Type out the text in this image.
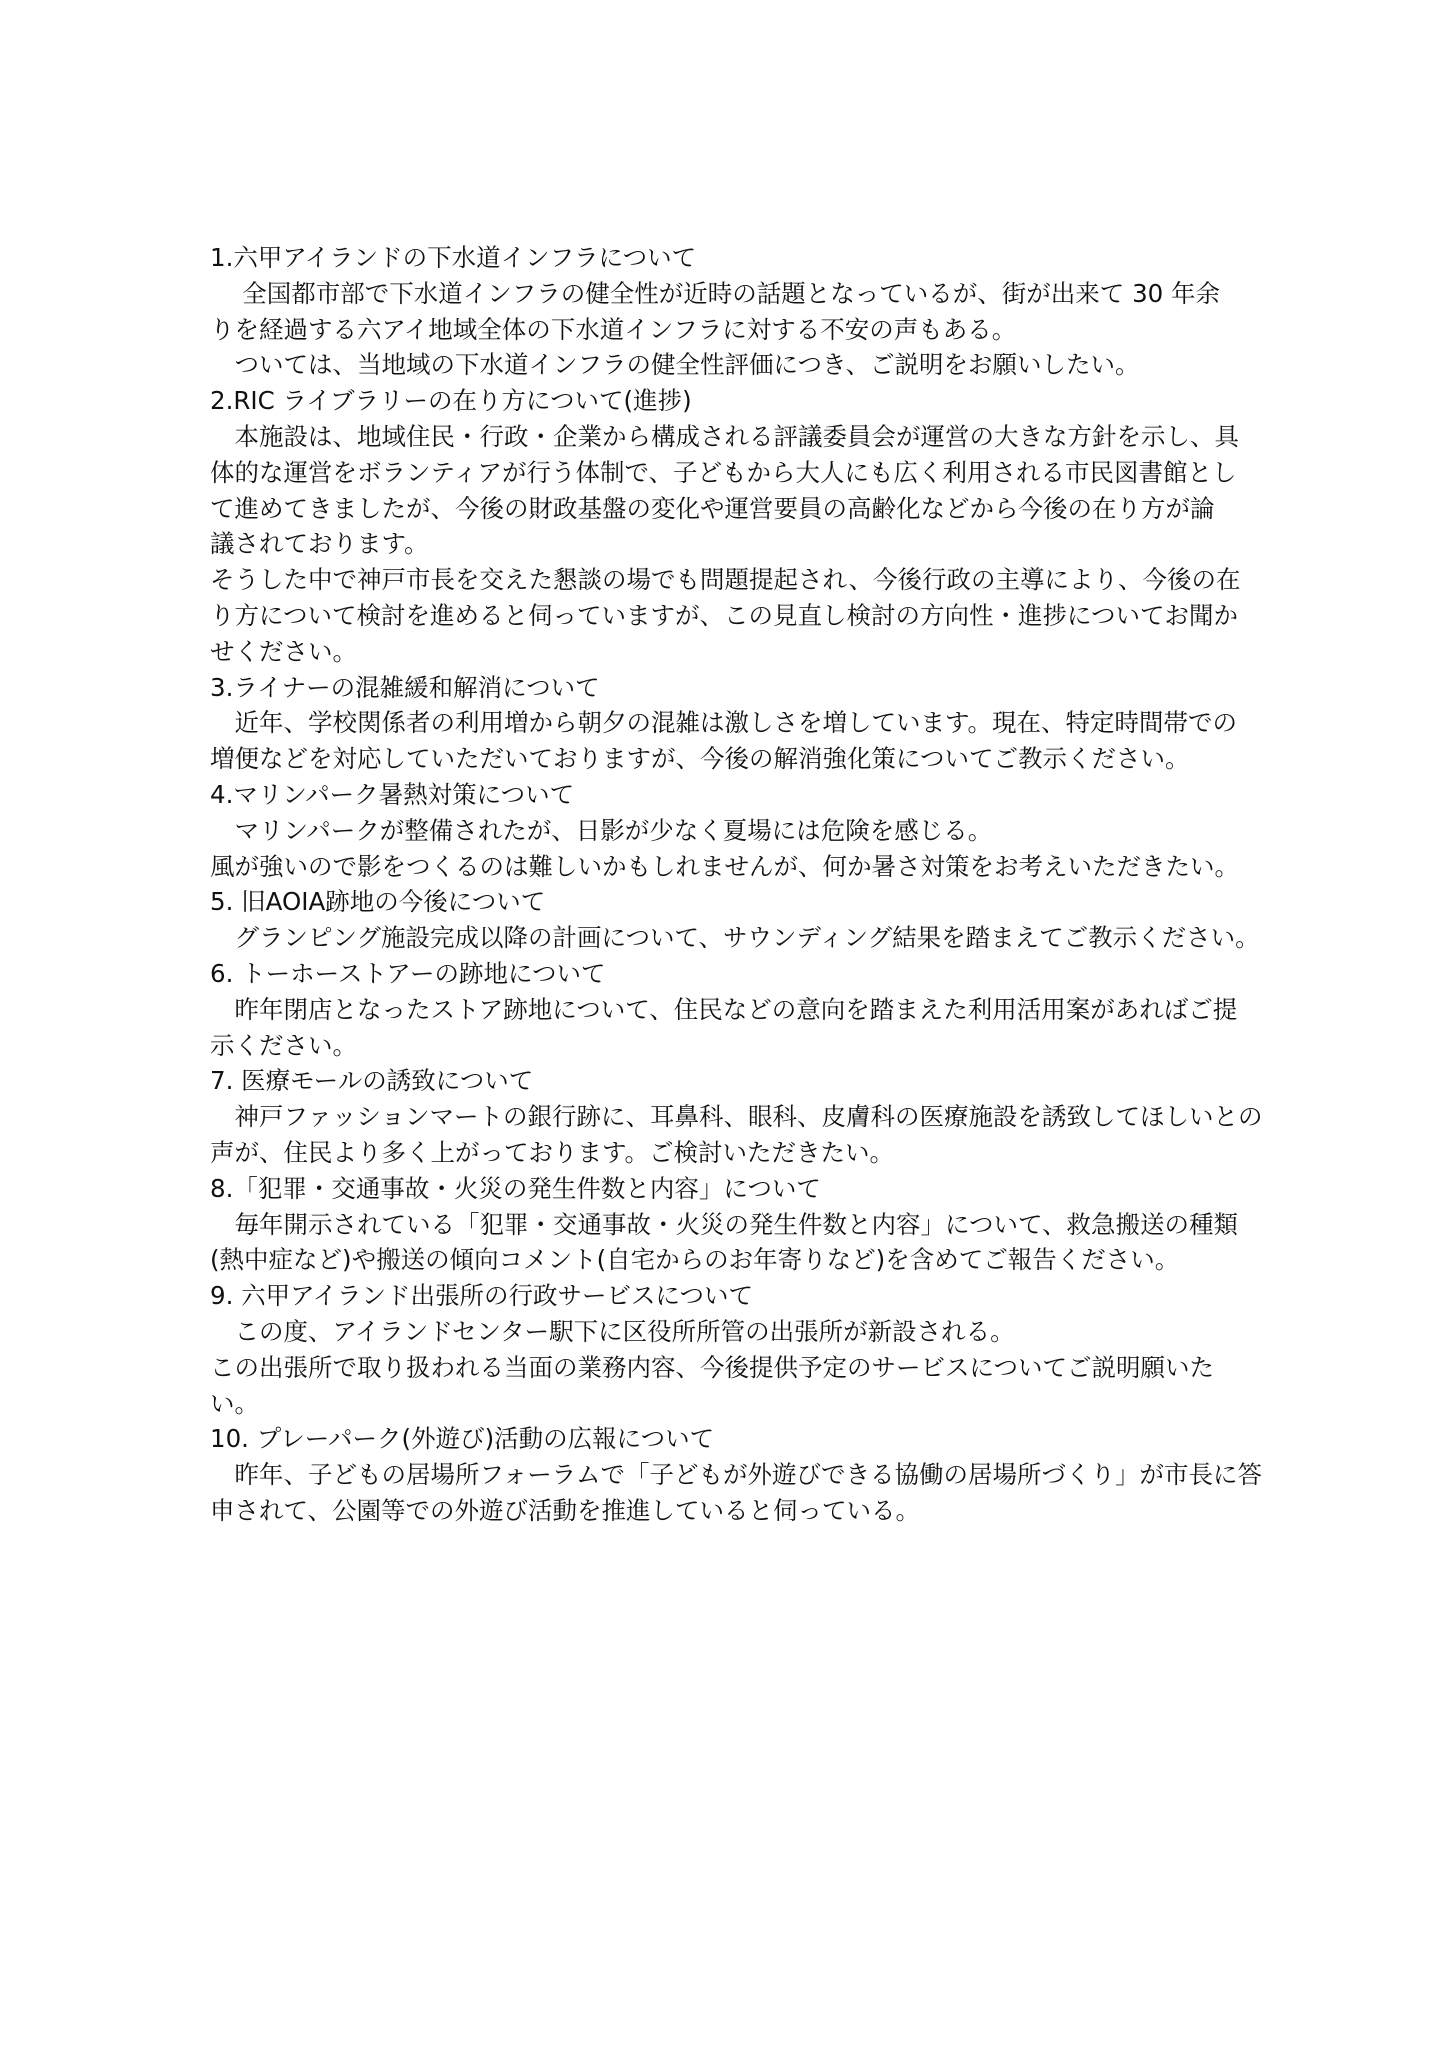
1.六甲アイランドの下水道インフラについて
　 全国都市部で下水道インフラの健全性が近時の話題となっているが、街が出来て 30 年余
りを経過する六アイ地域全体の下水道インフラに対する不安の声もある。
　ついては、当地域の下水道インフラの健全性評価につき、ご説明をお願いしたい。
2.RIC ライブラリーの在り方について(進捗)
　本施設は、地域住民・行政・企業から構成される評議委員会が運営の大きな方針を示し、具
体的な運営をボランティアが行う体制で、子どもから大人にも広く利用される市民図書館とし
て進めてきましたが、今後の財政基盤の変化や運営要員の高齢化などから今後の在り方が論
議されております。
そうした中で神戸市長を交えた懇談の場でも問題提起され、今後行政の主導により、今後の在
り方について検討を進めると伺っていますが、この見直し検討の方向性・進捗についてお聞か
せください。
3.ライナーの混雑緩和解消について
　近年、学校関係者の利用増から朝夕の混雑は激しさを増しています。現在、特定時間帯での
増便などを対応していただいておりますが、今後の解消強化策についてご教示ください。
4.マリンパーク暑熱対策について
　マリンパークが整備されたが、日影が少なく夏場には危険を感じる。
風が強いので影をつくるのは難しいかもしれませんが、何か暑さ対策をお考えいただきたい。
5. 旧AOIA跡地の今後について
　グランピング施設完成以降の計画について、サウンディング結果を踏まえてご教示ください。
6. トーホーストアーの跡地について
　昨年閉店となったストア跡地について、住民などの意向を踏まえた利用活用案があればご提
示ください。
7. 医療モールの誘致について
　神戸ファッションマートの銀行跡に、耳鼻科、眼科、皮膚科の医療施設を誘致してほしいとの
声が、住民より多く上がっております。ご検討いただきたい。
8.「犯罪・交通事故・火災の発生件数と内容」について
　毎年開示されている「犯罪・交通事故・火災の発生件数と内容」について、救急搬送の種類
(熱中症など)や搬送の傾向コメント(自宅からのお年寄りなど)を含めてご報告ください。
9. 六甲アイランド出張所の行政サービスについて
　この度、アイランドセンター駅下に区役所所管の出張所が新設される。
この出張所で取り扱われる当面の業務内容、今後提供予定のサービスについてご説明願いた
い。
10. プレーパーク(外遊び)活動の広報について
　昨年、子どもの居場所フォーラムで「子どもが外遊びできる協働の居場所づくり」が市長に答
申されて、公園等での外遊び活動を推進していると伺っている。
